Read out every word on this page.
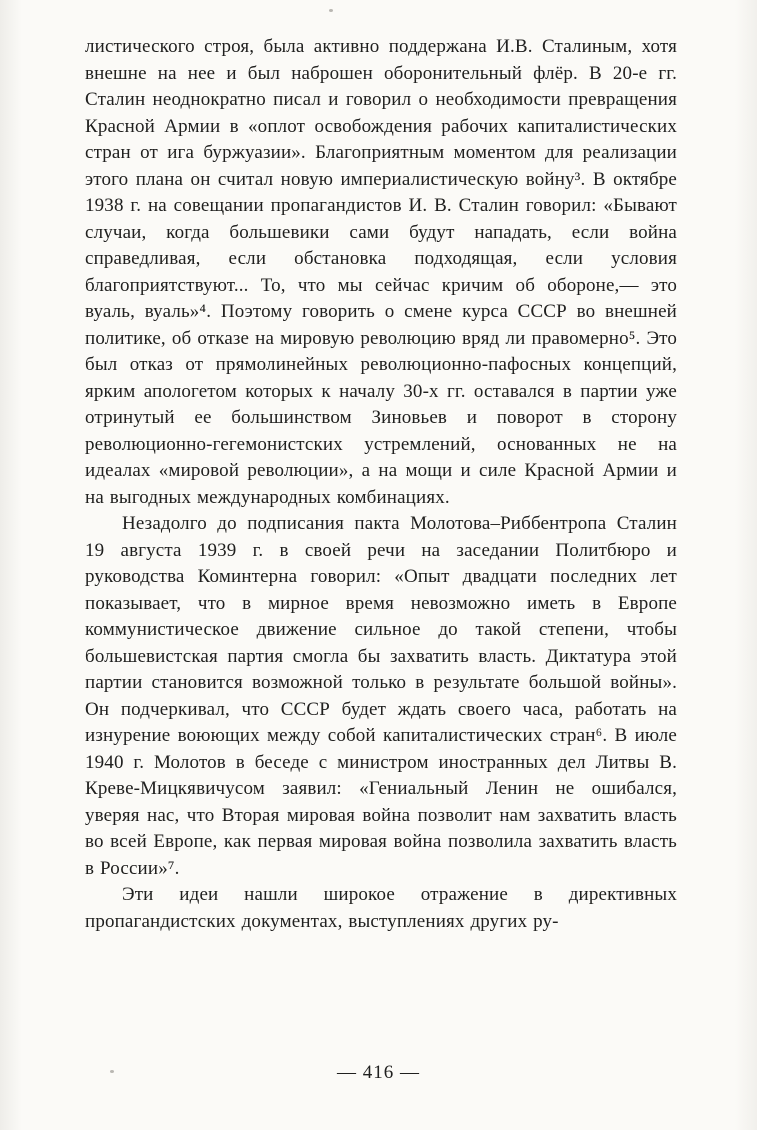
листического строя, была активно поддержана И.В. Сталиным, хотя внешне на нее и был наброшен оборонительный флёр. В 20-е гг. Сталин неоднократно писал и говорил о необходимости превращения Красной Армии в «оплот освобождения рабочих капиталистических стран от ига буржуазии». Благоприятным моментом для реализации этого плана он считал новую империалистическую войну³. В октябре 1938 г. на совещании пропагандистов И. В. Сталин говорил: «Бывают случаи, когда большевики сами будут нападать, если война справедливая, если обстановка подходящая, если условия благоприятствуют... То, что мы сейчас кричим об обороне,— это вуаль, вуаль»⁴. Поэтому говорить о смене курса СССР во внешней политике, об отказе на мировую революцию вряд ли правомерно⁵. Это был отказ от прямолинейных революционно-пафосных концепций, ярким апологетом которых к началу 30-х гг. оставался в партии уже отринутый ее большинством Зиновьев и поворот в сторону революционно-гегемонистских устремлений, основанных не на идеалах «мировой революции», а на мощи и силе Красной Армии и на выгодных международных комбинациях.

Незадолго до подписания пакта Молотова–Риббентропа Сталин 19 августа 1939 г. в своей речи на заседании Политбюро и руководства Коминтерна говорил: «Опыт двадцати последних лет показывает, что в мирное время невозможно иметь в Европе коммунистическое движение сильное до такой степени, чтобы большевистская партия смогла бы захватить власть. Диктатура этой партии становится возможной только в результате большой войны». Он подчеркивал, что СССР будет ждать своего часа, работать на изнурение воюющих между собой капиталистических стран⁶. В июле 1940 г. Молотов в беседе с министром иностранных дел Литвы В. Креве-Мицкявичусом заявил: «Гениальный Ленин не ошибался, уверяя нас, что Вторая мировая война позволит нам захватить власть во всей Европе, как первая мировая война позволила захватить власть в России»⁷.

Эти идеи нашли широкое отражение в директивных пропагандистских документах, выступлениях других ру-

— 416 —
